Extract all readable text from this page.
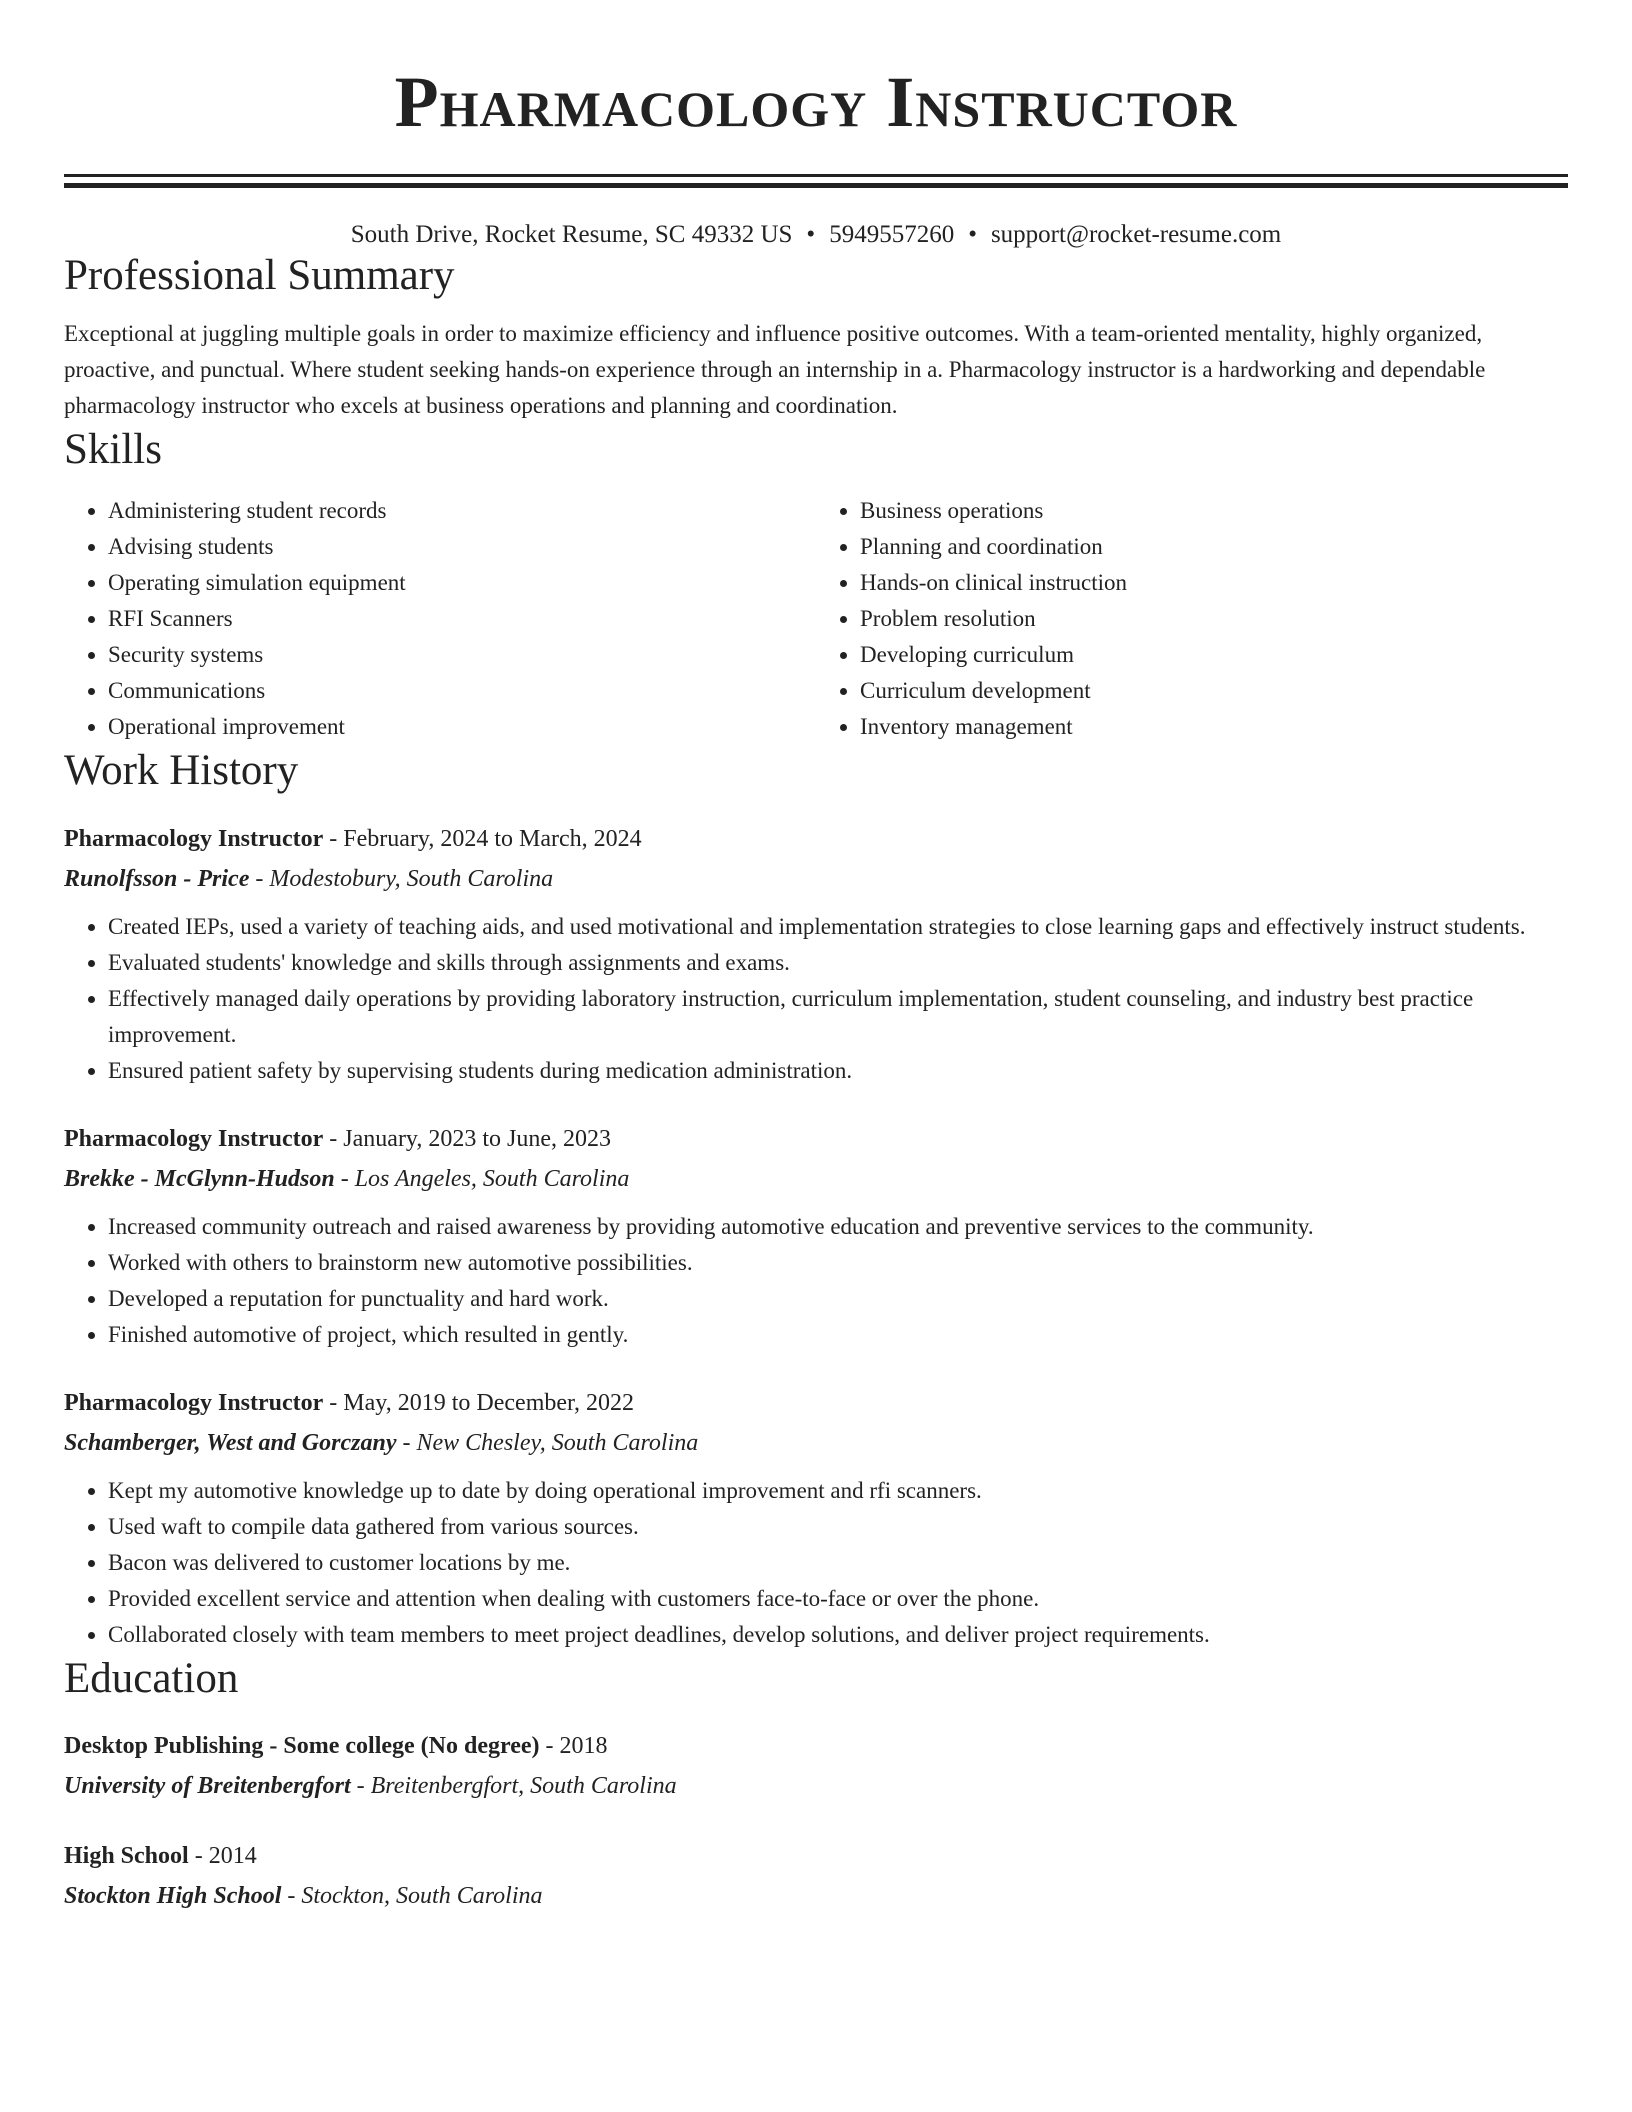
Pharmacology Instructor
South Drive, Rocket Resume, SC 49332 US • 5949557260 • support@rocket-resume.com
Professional Summary
Exceptional at juggling multiple goals in order to maximize efficiency and influence positive outcomes. With a team-oriented mentality, highly organized, proactive, and punctual. Where student seeking hands-on experience through an internship in a. Pharmacology instructor is a hardworking and dependable pharmacology instructor who excels at business operations and planning and coordination.
Skills
• Administering student records
• Advising students
• Operating simulation equipment
• RFI Scanners
• Security systems
• Communications
• Operational improvement
• Business operations
• Planning and coordination
• Hands-on clinical instruction
• Problem resolution
• Developing curriculum
• Curriculum development
• Inventory management
Work History
Pharmacology Instructor - February, 2024 to March, 2024
Runolfsson - Price - Modestobury, South Carolina
• Created IEPs, used a variety of teaching aids, and used motivational and implementation strategies to close learning gaps and effectively instruct students.
• Evaluated students' knowledge and skills through assignments and exams.
• Effectively managed daily operations by providing laboratory instruction, curriculum implementation, student counseling, and industry best practice improvement.
• Ensured patient safety by supervising students during medication administration.
Pharmacology Instructor - January, 2023 to June, 2023
Brekke - McGlynn-Hudson - Los Angeles, South Carolina
• Increased community outreach and raised awareness by providing automotive education and preventive services to the community.
• Worked with others to brainstorm new automotive possibilities.
• Developed a reputation for punctuality and hard work.
• Finished automotive of project, which resulted in gently.
Pharmacology Instructor - May, 2019 to December, 2022
Schamberger, West and Gorczany - New Chesley, South Carolina
• Kept my automotive knowledge up to date by doing operational improvement and rfi scanners.
• Used waft to compile data gathered from various sources.
• Bacon was delivered to customer locations by me.
• Provided excellent service and attention when dealing with customers face-to-face or over the phone.
• Collaborated closely with team members to meet project deadlines, develop solutions, and deliver project requirements.
Education
Desktop Publishing - Some college (No degree) - 2018
University of Breitenbergfort - Breitenbergfort, South Carolina
High School - 2014
Stockton High School - Stockton, South Carolina
